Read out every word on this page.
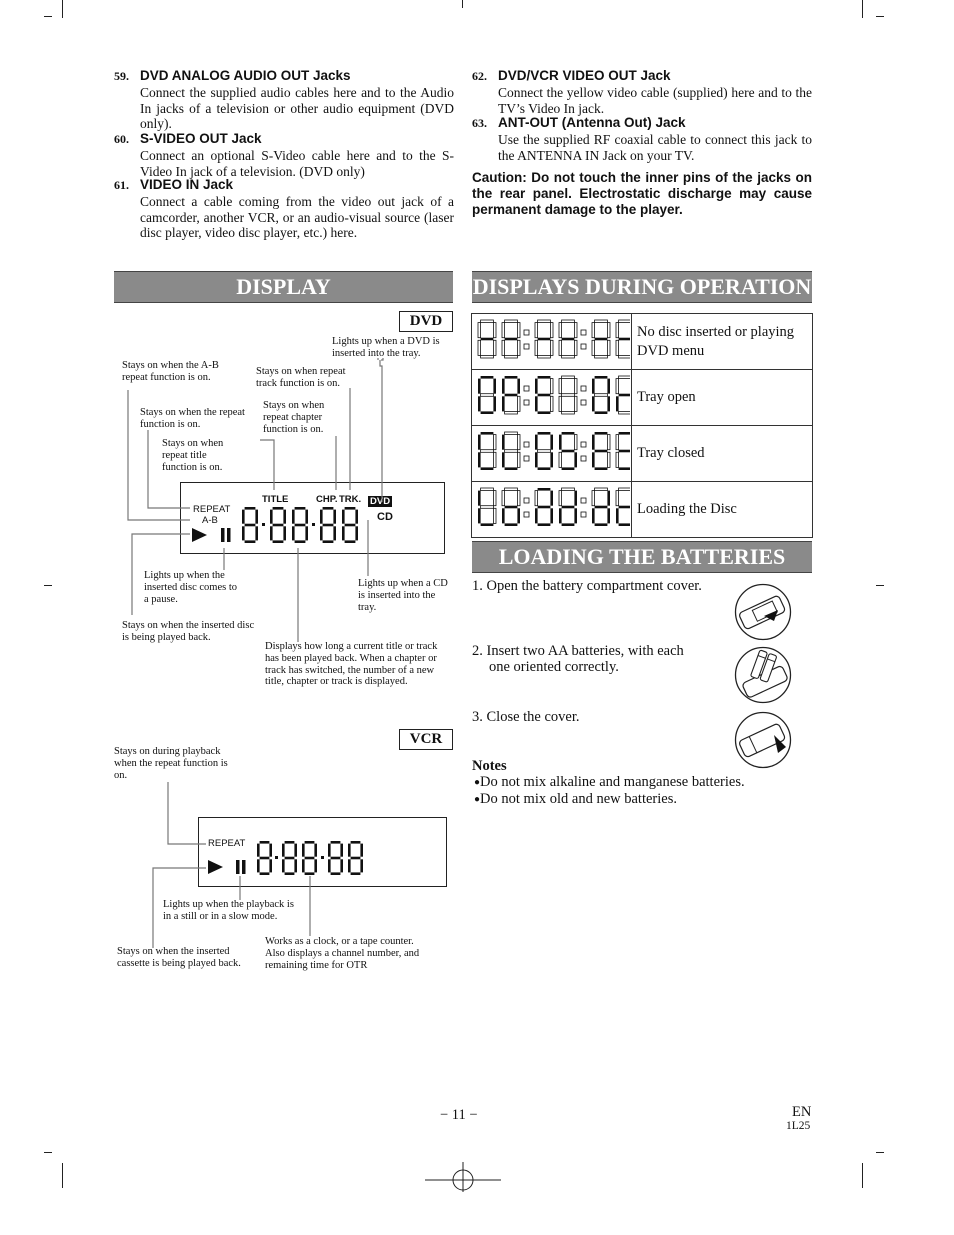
59. DVD ANALOG AUDIO OUT Jacks
Connect the supplied audio cables here and to the Audio In jacks of a television or other audio equipment (DVD only).
60. S-VIDEO OUT Jack
Connect an optional S-Video cable here and to the S-Video In jack of a television. (DVD only)
61. VIDEO IN Jack
Connect a cable coming from the video out jack of a camcorder, another VCR, or an audio-visual source (laser disc player, video disc player, etc.) here.
62. DVD/VCR VIDEO OUT Jack
Connect the yellow video cable (supplied) here and to the TV’s Video In jack.
63. ANT-OUT (Antenna Out) Jack
Use the supplied RF coaxial cable to connect this jack to the ANTENNA IN Jack on your TV.
Caution: Do not touch the inner pins of the jacks on the rear panel. Electrostatic discharge may cause permanent damage to the player.
DISPLAY	DISPLAYS DURING OPERATION
LOADING THE BATTERIES
DVD
Lights up when a DVD is inserted into the tray.
Stays on when the A-B repeat function is on.
Stays on when repeat track function is on.
Stays on when repeat chapter function is on.
Stays on when the repeat function is on.
Stays on when repeat title function is on.
REPEAT
A-B
TITLE	CHP. TRK. DVD
CD
Lights up when the inserted disc comes to a pause.
Lights up when a CD is inserted into the tray.
Stays on when the inserted disc is being played back.
Displays how long a current title or track has been played back. When a chapter or track has switched, the number of a new title, chapter or track is displayed.
VCR
Stays on during playback when the repeat function is on.
REPEAT
Lights up when the playback is in a still or in a slow mode.
Works as a clock, or a tape counter. Also displays a channel number, and remaining time for OTR
Stays on when the inserted cassette is being played back.
	No disc inserted or playing DVD menu
	Tray open
	Tray closed
	Loading the Disc
1. Open the battery compartment cover.
2. Insert two AA batteries, with each one oriented correctly.
3. Close the cover.
Notes
●Do not mix alkaline and manganese batteries.
●Do not mix old and new batteries.
− 11 −	EN
1L25
